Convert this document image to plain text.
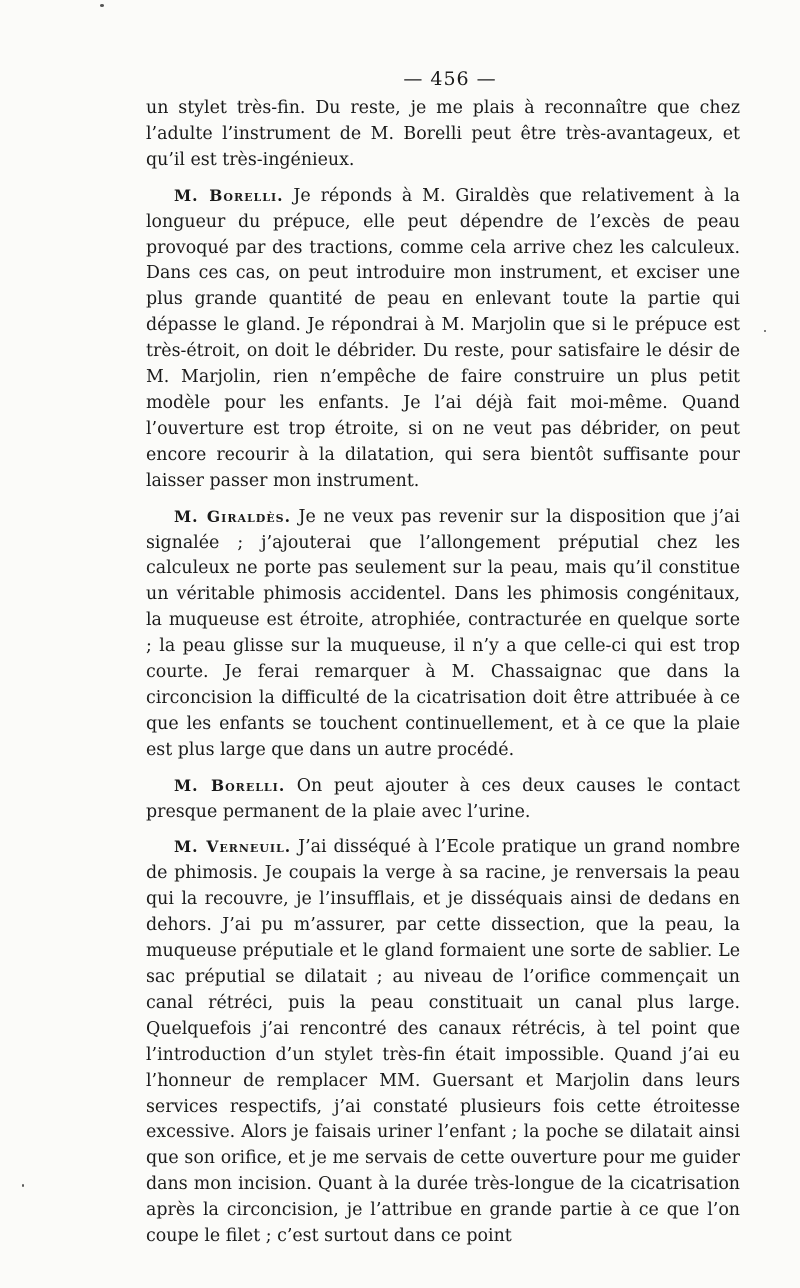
— 456 —

un stylet très-fin. Du reste, je me plais à reconnaître que chez l’adulte l’instrument de M. Borelli peut être très-avantageux, et qu’il est très-ingénieux.

M. Borelli. Je réponds à M. Giraldès que relativement à la longueur du prépuce, elle peut dépendre de l’excès de peau provoqué par des tractions, comme cela arrive chez les calculeux. Dans ces cas, on peut introduire mon instrument, et exciser une plus grande quantité de peau en enlevant toute la partie qui dépasse le gland. Je répondrai à M. Marjolin que si le prépuce est très-étroit, on doit le débrider. Du reste, pour satisfaire le désir de M. Marjolin, rien n’empêche de faire construire un plus petit modèle pour les enfants. Je l’ai déjà fait moi-même. Quand l’ouverture est trop étroite, si on ne veut pas débrider, on peut encore recourir à la dilatation, qui sera bientôt suffisante pour laisser passer mon instrument.

M. Giraldès. Je ne veux pas revenir sur la disposition que j’ai signalée ; j’ajouterai que l’allongement préputial chez les calculeux ne porte pas seulement sur la peau, mais qu’il constitue un véritable phimosis accidentel. Dans les phimosis congénitaux, la muqueuse est étroite, atrophiée, contracturée en quelque sorte ; la peau glisse sur la muqueuse, il n’y a que celle-ci qui est trop courte. Je ferai remarquer à M. Chassaignac que dans la circoncision la difficulté de la cicatrisation doit être attribuée à ce que les enfants se touchent continuellement, et à ce que la plaie est plus large que dans un autre procédé.

M. Borelli. On peut ajouter à ces deux causes le contact presque permanent de la plaie avec l’urine.

M. Verneuil. J’ai disséqué à l’Ecole pratique un grand nombre de phimosis. Je coupais la verge à sa racine, je renversais la peau qui la recouvre, je l’insufflais, et je disséquais ainsi de dedans en dehors. J’ai pu m’assurer, par cette dissection, que la peau, la muqueuse préputiale et le gland formaient une sorte de sablier. Le sac préputial se dilatait ; au niveau de l’orifice commençait un canal rétréci, puis la peau constituait un canal plus large. Quelquefois j’ai rencontré des canaux rétrécis, à tel point que l’introduction d’un stylet très-fin était impossible. Quand j’ai eu l’honneur de remplacer MM. Guersant et Marjolin dans leurs services respectifs, j’ai constaté plusieurs fois cette étroitesse excessive. Alors je faisais uriner l’enfant ; la poche se dilatait ainsi que son orifice, et je me servais de cette ouverture pour me guider dans mon incision. Quant à la durée très-longue de la cicatrisation après la circoncision, je l’attribue en grande partie à ce que l’on coupe le filet ; c’est surtout dans ce point
